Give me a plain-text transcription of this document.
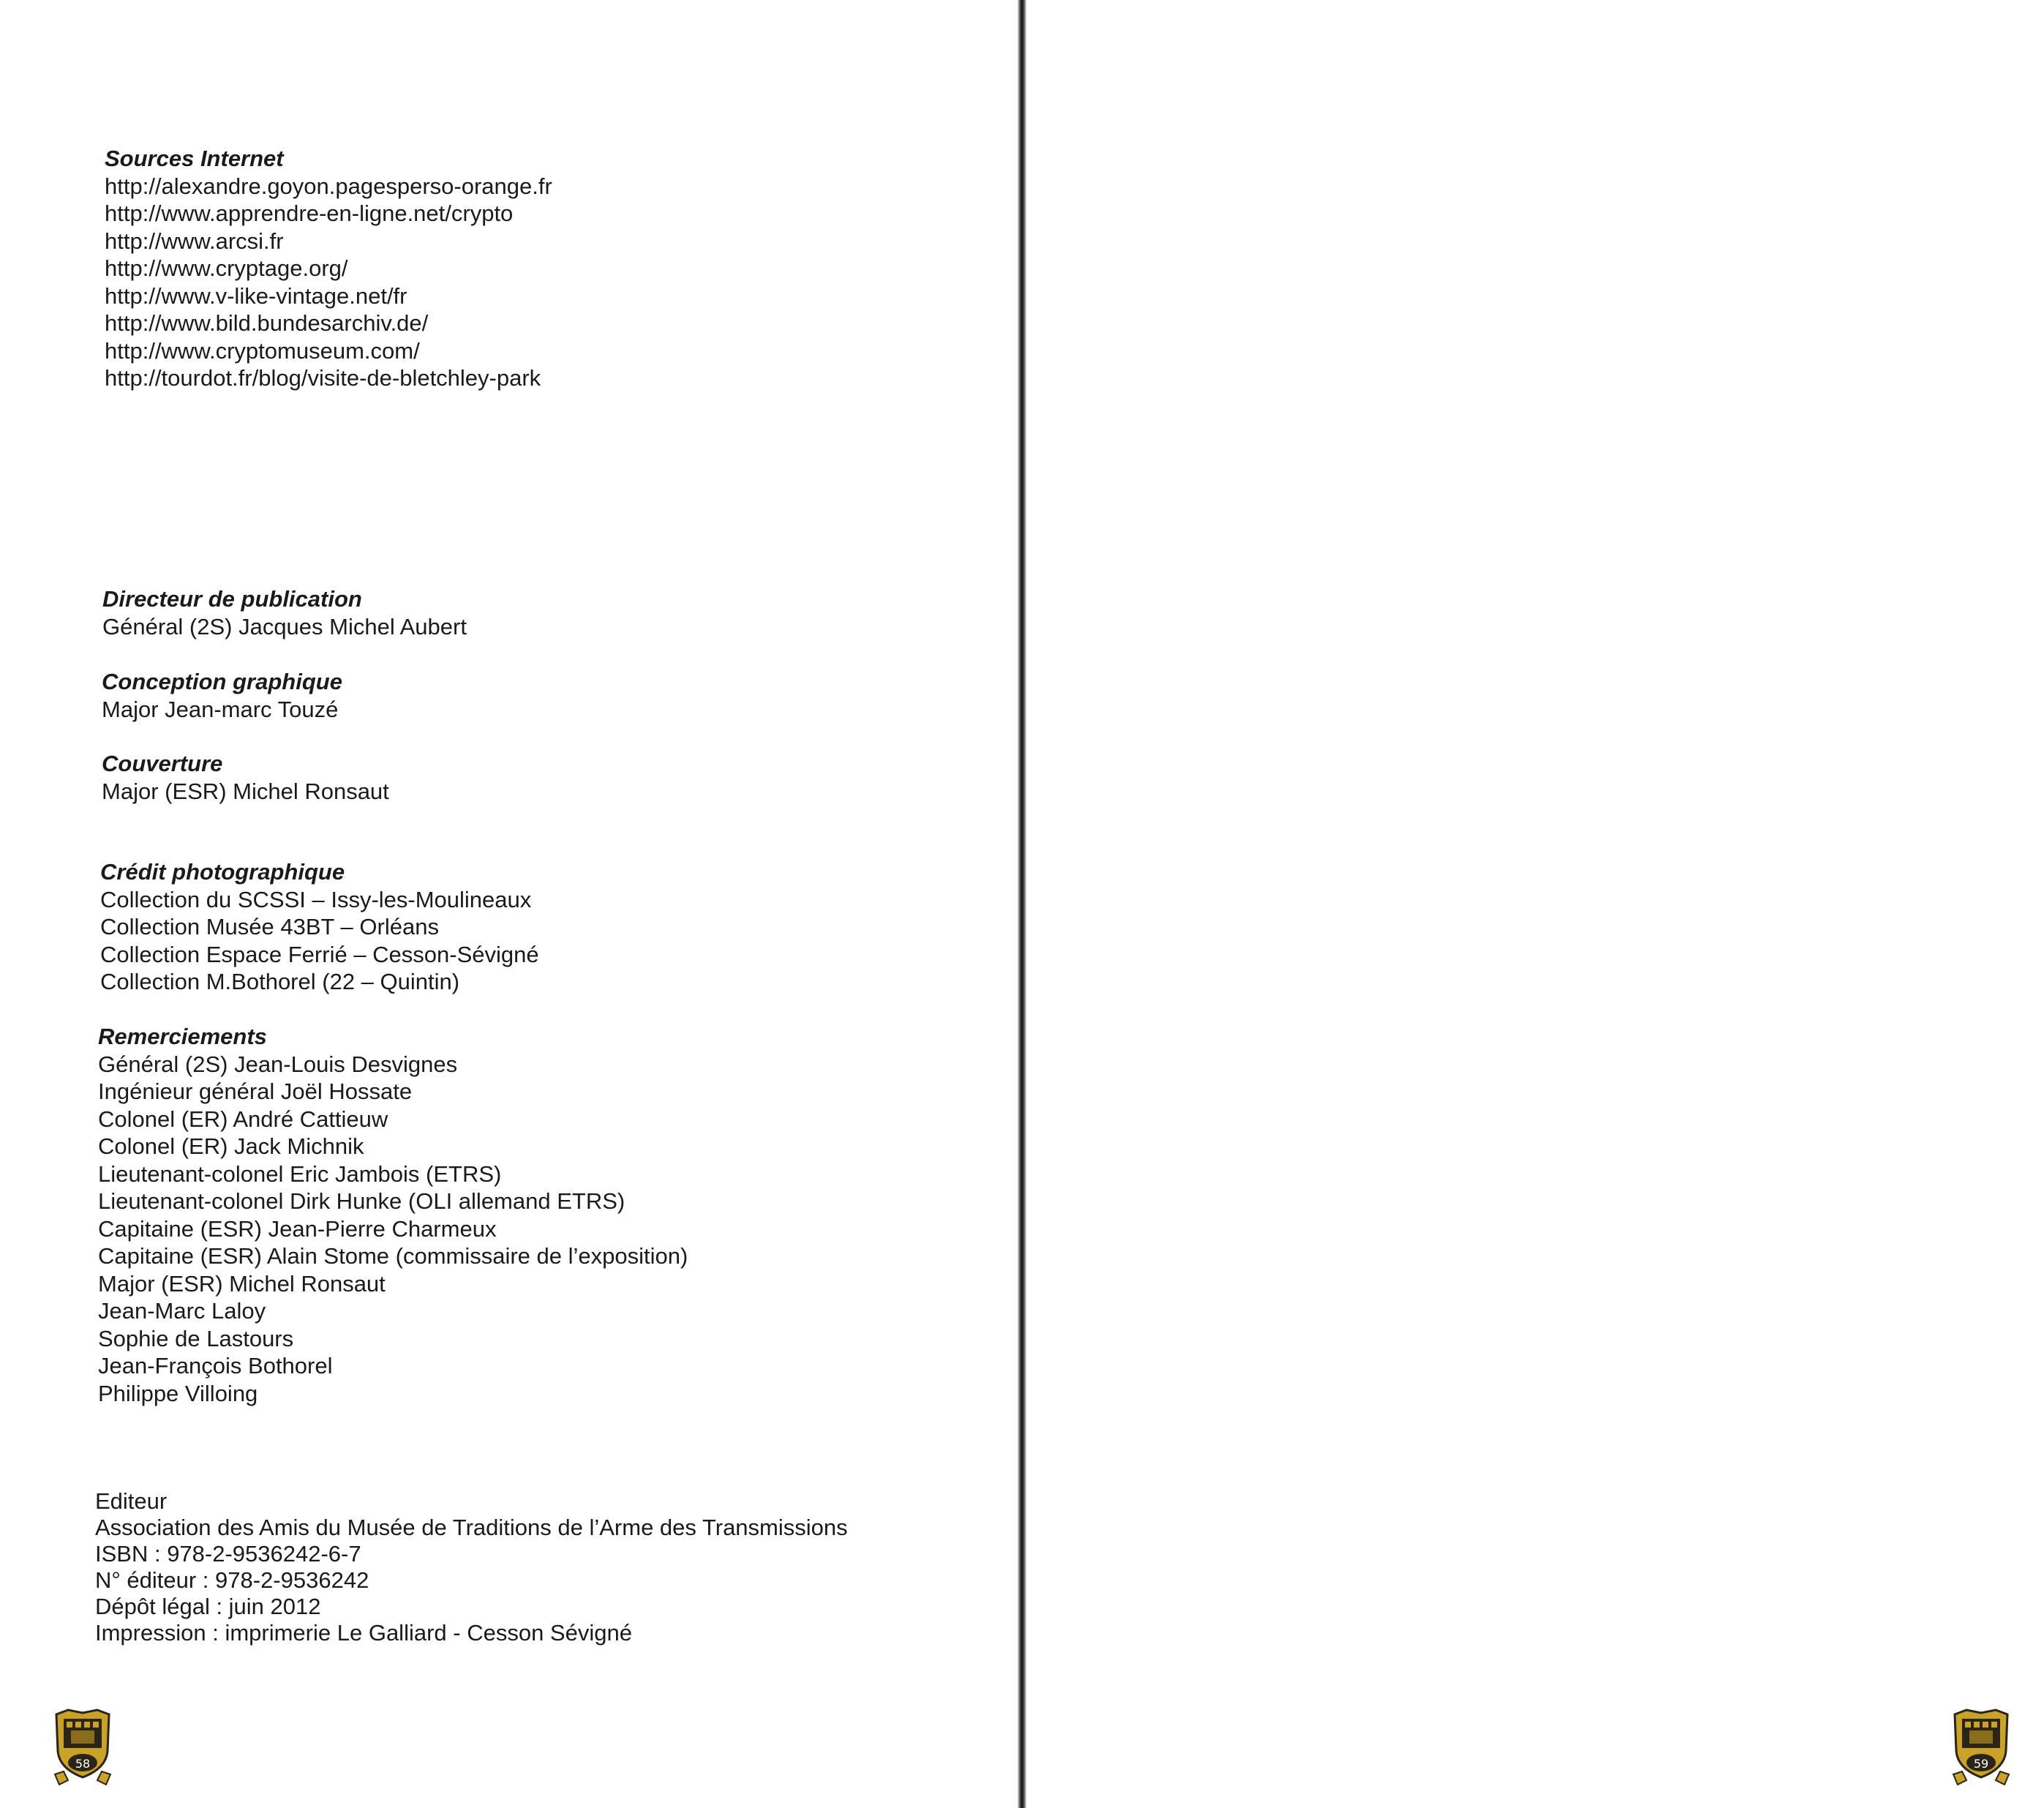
Sources Internet
http://alexandre.goyon.pagesperso-orange.fr
http://www.apprendre-en-ligne.net/crypto
http://www.arcsi.fr
http://www.cryptage.org/
http://www.v-like-vintage.net/fr
http://www.bild.bundesarchiv.de/
http://www.cryptomuseum.com/
http://tourdot.fr/blog/visite-de-bletchley-park
Directeur de publication
Général (2S) Jacques Michel Aubert
Conception graphique
Major Jean-marc Touzé
Couverture
Major (ESR) Michel Ronsaut
Crédit photographique
Collection du SCSSI – Issy-les-Moulineaux
Collection Musée 43BT – Orléans
Collection Espace Ferrié – Cesson-Sévigné
Collection M.Bothorel (22 – Quintin)
Remerciements
Général (2S) Jean-Louis Desvignes
Ingénieur général Joël Hossate
Colonel (ER) André Cattieuw
Colonel (ER) Jack Michnik
Lieutenant-colonel Eric Jambois (ETRS)
Lieutenant-colonel Dirk Hunke (OLI allemand ETRS)
Capitaine (ESR) Jean-Pierre Charmeux
Capitaine (ESR) Alain Stome (commissaire de l’exposition)
Major (ESR) Michel Ronsaut
Jean-Marc Laloy
Sophie de Lastours
Jean-François Bothorel
Philippe Villoing
Editeur
Association des Amis du Musée de Traditions de l’Arme des Transmissions
ISBN : 978-2-9536242-6-7
N° éditeur : 978-2-9536242
Dépôt légal : juin 2012
Impression : imprimerie Le Galliard - Cesson Sévigné
58	59
